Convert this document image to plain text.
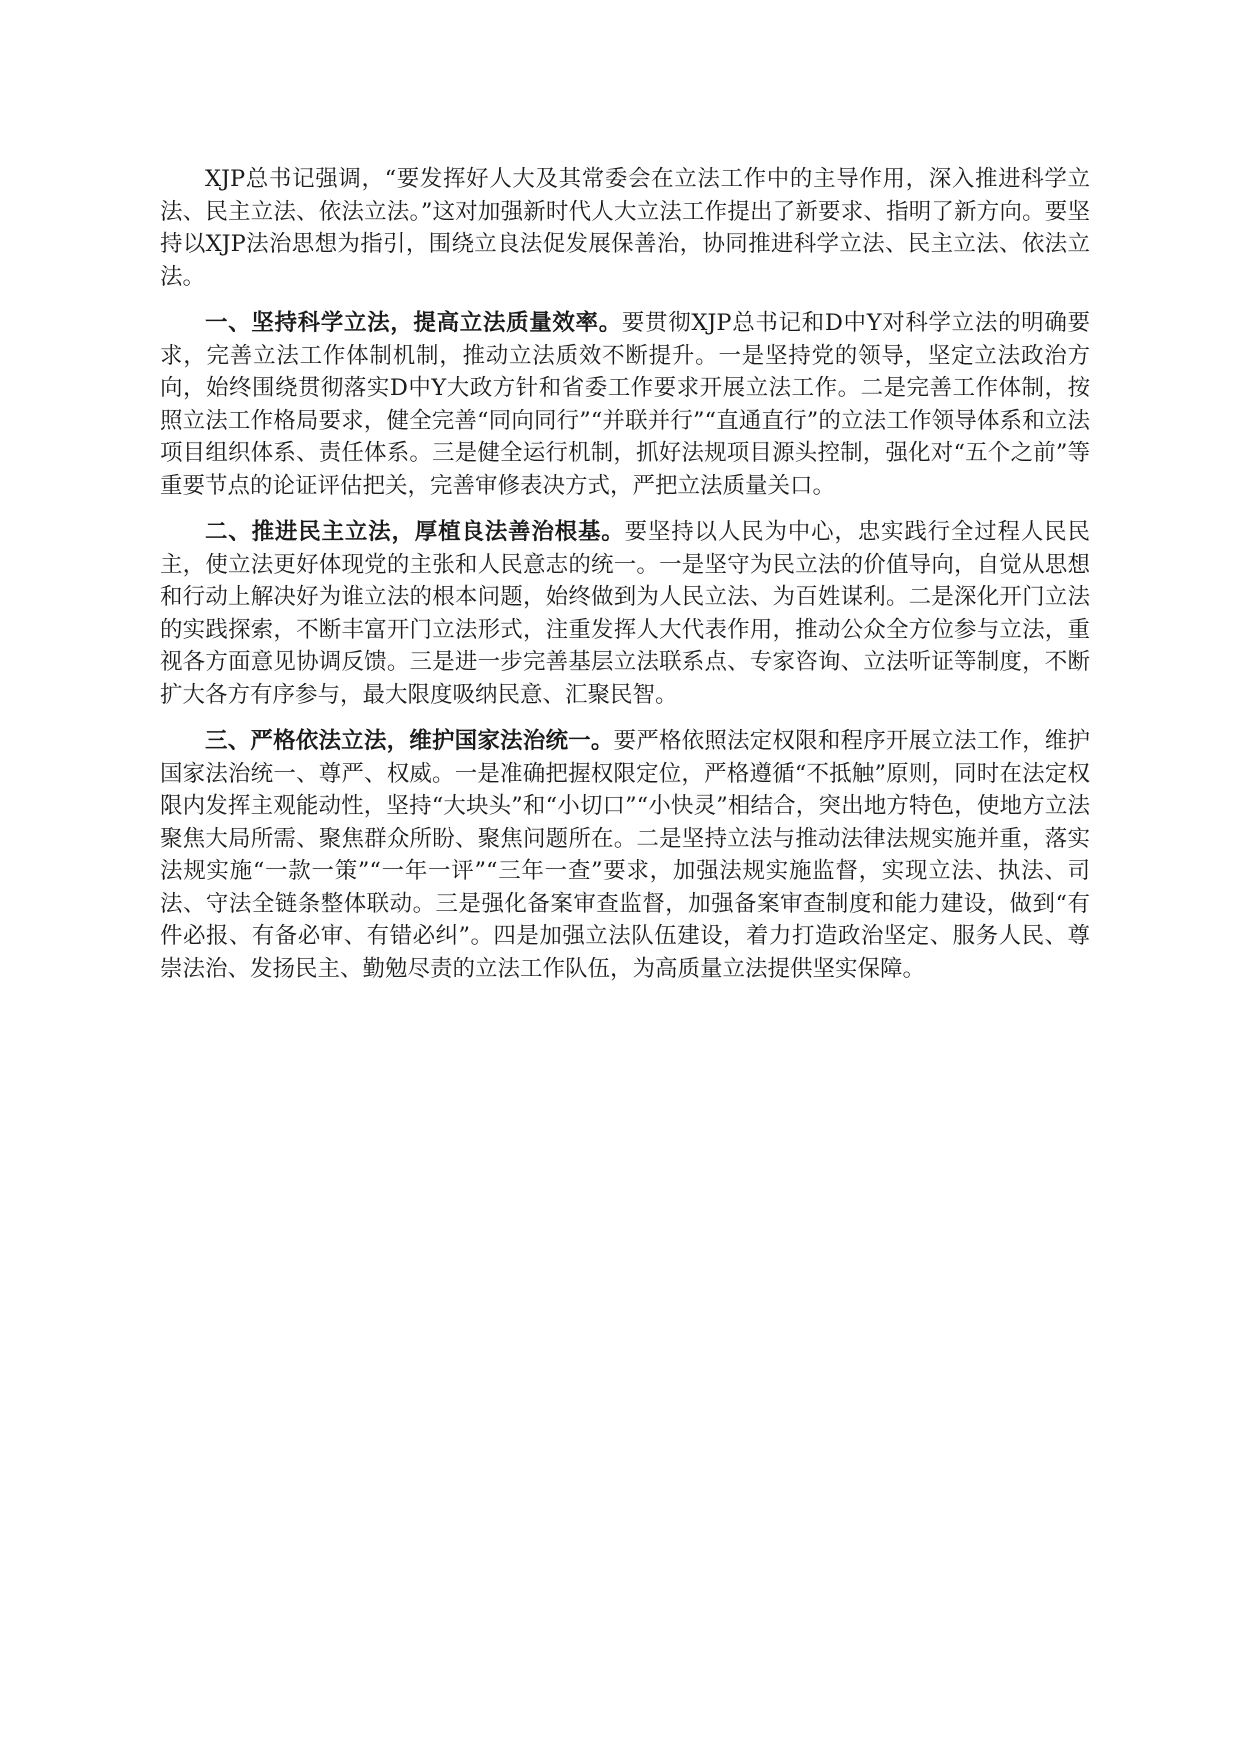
XJP总书记强调，“要发挥好人大及其常委会在立法工作中的主导作用，深入推进科学立法、民主立法、依法立法。”这对加强新时代人大立法工作提出了新要求、指明了新方向。要坚持以XJP法治思想为指引，围绕立良法促发展保善治，协同推进科学立法、民主立法、依法立法。

一、坚持科学立法，提高立法质量效率。要贯彻XJP总书记和D中Y对科学立法的明确要求，完善立法工作体制机制，推动立法质效不断提升。一是坚持党的领导，坚定立法政治方向，始终围绕贯彻落实D中Y大政方针和省委工作要求开展立法工作。二是完善工作体制，按照立法工作格局要求，健全完善“同向同行”“并联并行”“直通直行”的立法工作领导体系和立法项目组织体系、责任体系。三是健全运行机制，抓好法规项目源头控制，强化对“五个之前”等重要节点的论证评估把关，完善审修表决方式，严把立法质量关口。

二、推进民主立法，厚植良法善治根基。要坚持以人民为中心，忠实践行全过程人民民主，使立法更好体现党的主张和人民意志的统一。一是坚守为民立法的价值导向，自觉从思想和行动上解决好为谁立法的根本问题，始终做到为人民立法、为百姓谋利。二是深化开门立法的实践探索，不断丰富开门立法形式，注重发挥人大代表作用，推动公众全方位参与立法，重视各方面意见协调反馈。三是进一步完善基层立法联系点、专家咨询、立法听证等制度，不断扩大各方有序参与，最大限度吸纳民意、汇聚民智。

三、严格依法立法，维护国家法治统一。要严格依照法定权限和程序开展立法工作，维护国家法治统一、尊严、权威。一是准确把握权限定位，严格遵循“不抵触”原则，同时在法定权限内发挥主观能动性，坚持“大块头”和“小切口”“小快灵”相结合，突出地方特色，使地方立法聚焦大局所需、聚焦群众所盼、聚焦问题所在。二是坚持立法与推动法律法规实施并重，落实法规实施“一款一策”“一年一评”“三年一查”要求，加强法规实施监督，实现立法、执法、司法、守法全链条整体联动。三是强化备案审查监督，加强备案审查制度和能力建设，做到“有件必报、有备必审、有错必纠”。四是加强立法队伍建设，着力打造政治坚定、服务人民、尊崇法治、发扬民主、勤勉尽责的立法工作队伍，为高质量立法提供坚实保障。
